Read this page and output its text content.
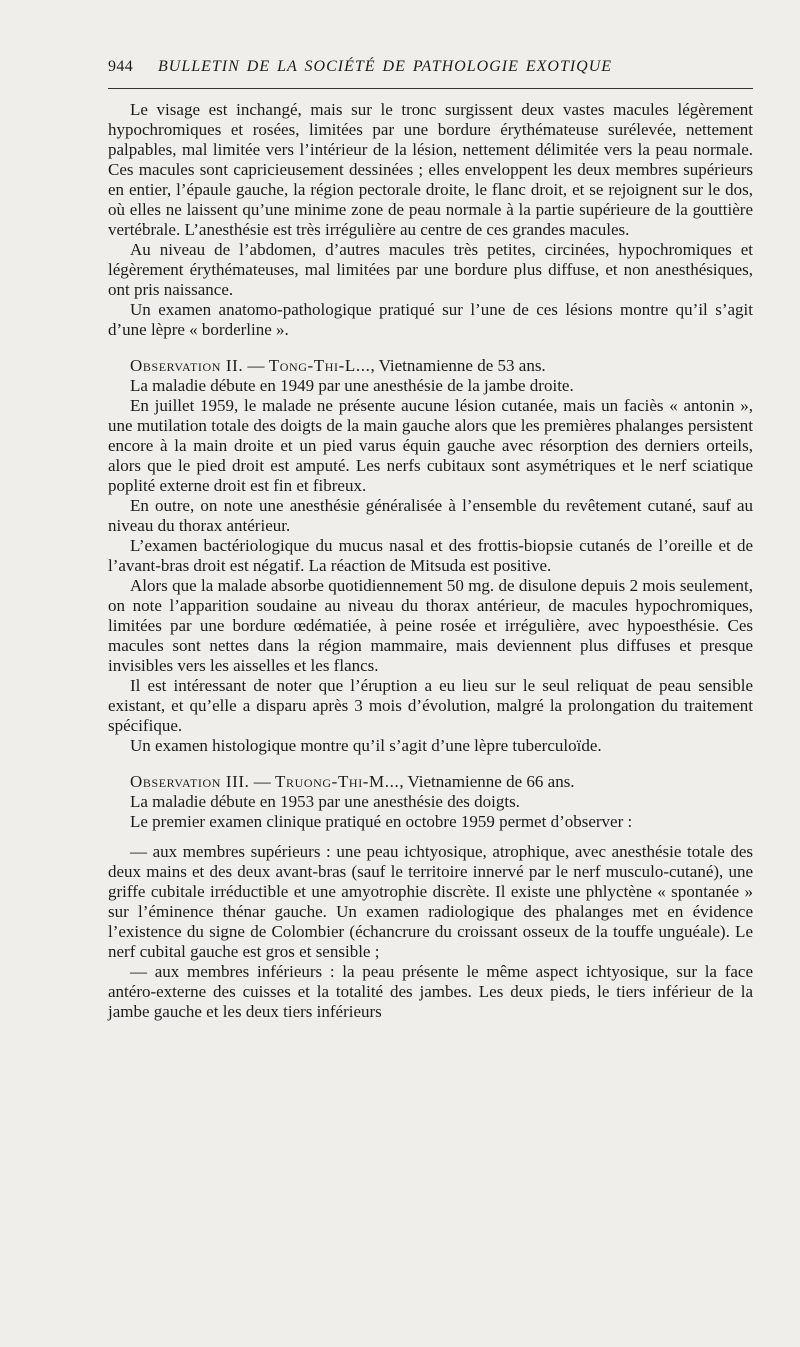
944	BULLETIN DE LA SOCIÉTÉ DE PATHOLOGIE EXOTIQUE

Le visage est inchangé, mais sur le tronc surgissent deux vastes macules légèrement hypochromiques et rosées, limitées par une bordure érythémateuse surélevée, nettement palpables, mal limitée vers l’intérieur de la lésion, nettement délimitée vers la peau normale. Ces macules sont capricieusement dessinées ; elles enveloppent les deux membres supérieurs en entier, l’épaule gauche, la région pectorale droite, le flanc droit, et se rejoignent sur le dos, où elles ne laissent qu’une minime zone de peau normale à la partie supérieure de la gouttière vertébrale. L’anesthésie est très irrégulière au centre de ces grandes macules.

Au niveau de l’abdomen, d’autres macules très petites, circinées, hypochromiques et légèrement érythémateuses, mal limitées par une bordure plus diffuse, et non anesthésiques, ont pris naissance.

Un examen anatomo-pathologique pratiqué sur l’une de ces lésions montre qu’il s’agit d’une lèpre « borderline ».

Observation II. — Tong-Thi-L..., Vietnamienne de 53 ans.

La maladie débute en 1949 par une anesthésie de la jambe droite.

En juillet 1959, le malade ne présente aucune lésion cutanée, mais un faciès « antonin », une mutilation totale des doigts de la main gauche alors que les premières phalanges persistent encore à la main droite et un pied varus équin gauche avec résorption des derniers orteils, alors que le pied droit est amputé. Les nerfs cubitaux sont asymétriques et le nerf sciatique poplité externe droit est fin et fibreux.

En outre, on note une anesthésie généralisée à l’ensemble du revêtement cutané, sauf au niveau du thorax antérieur.

L’examen bactériologique du mucus nasal et des frottis-biopsie cutanés de l’oreille et de l’avant-bras droit est négatif. La réaction de Mitsuda est positive.

Alors que la malade absorbe quotidiennement 50 mg. de disulone depuis 2 mois seulement, on note l’apparition soudaine au niveau du thorax antérieur, de macules hypochromiques, limitées par une bordure œdématiée, à peine rosée et irrégulière, avec hypoesthésie. Ces macules sont nettes dans la région mammaire, mais deviennent plus diffuses et presque invisibles vers les aisselles et les flancs.

Il est intéressant de noter que l’éruption a eu lieu sur le seul reliquat de peau sensible existant, et qu’elle a disparu après 3 mois d’évolution, malgré la prolongation du traitement spécifique.

Un examen histologique montre qu’il s’agit d’une lèpre tuberculoïde.

Observation III. — Truong-Thi-M..., Vietnamienne de 66 ans.

La maladie débute en 1953 par une anesthésie des doigts.

Le premier examen clinique pratiqué en octobre 1959 permet d’observer :

— aux membres supérieurs : une peau ichtyosique, atrophique, avec anesthésie totale des deux mains et des deux avant-bras (sauf le territoire innervé par le nerf musculo-cutané), une griffe cubitale irréductible et une amyotrophie discrète. Il existe une phlyctène « spontanée » sur l’éminence thénar gauche. Un examen radiologique des phalanges met en évidence l’existence du signe de Colombier (échancrure du croissant osseux de la touffe unguéale). Le nerf cubital gauche est gros et sensible ;

— aux membres inférieurs : la peau présente le même aspect ichtyosique, sur la face antéro-externe des cuisses et la totalité des jambes. Les deux pieds, le tiers inférieur de la jambe gauche et les deux tiers inférieurs
